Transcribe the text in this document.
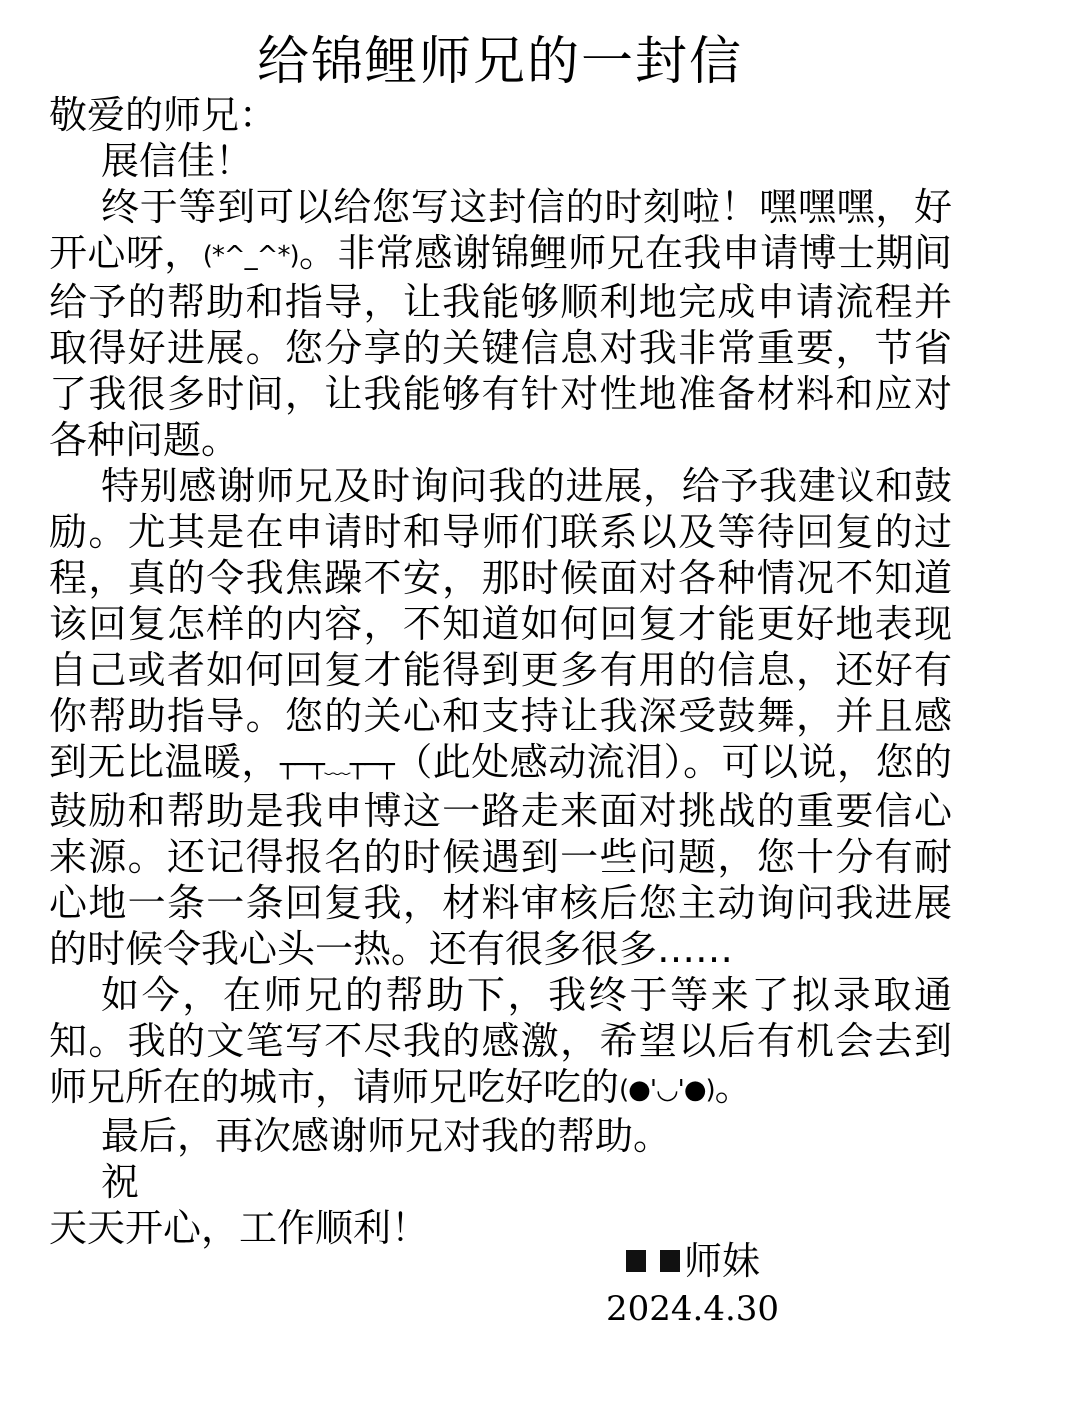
给锦鲤师兄的一封信

敬爱的师兄：

展信佳！

终于等到可以给您写这封信的时刻啦！嘿嘿嘿，好开心呀，(*^_^*)。非常感谢锦鲤师兄在我申请博士期间给予的帮助和指导，让我能够顺利地完成申请流程并取得好进展。您分享的关键信息对我非常重要，节省了我很多时间，让我能够有针对性地准备材料和应对各种问题。

特别感谢师兄及时询问我的进展，给予我建议和鼓励。尤其是在申请时和导师们联系以及等待回复的过程，真的令我焦躁不安，那时候面对各种情况不知道该回复怎样的内容，不知道如何回复才能更好地表现自己或者如何回复才能得到更多有用的信息，还好有你帮助指导。您的关心和支持让我深受鼓舞，并且感到无比温暖，┬─┬﹏┬─┬（此处感动流泪）。可以说，您的鼓励和帮助是我申博这一路走来面对挑战的重要信心来源。还记得报名的时候遇到一些问题，您十分有耐心地一条一条回复我，材料审核后您主动询问我进展的时候令我心头一热。还有很多很多……

如今，在师兄的帮助下，我终于等来了拟录取通知。我的文笔写不尽我的感激，希望以后有机会去到师兄所在的城市，请师兄吃好吃的(●'◡'●)。

最后，再次感谢师兄对我的帮助。

祝

天天开心，工作顺利！

师妹
2024.4.30
